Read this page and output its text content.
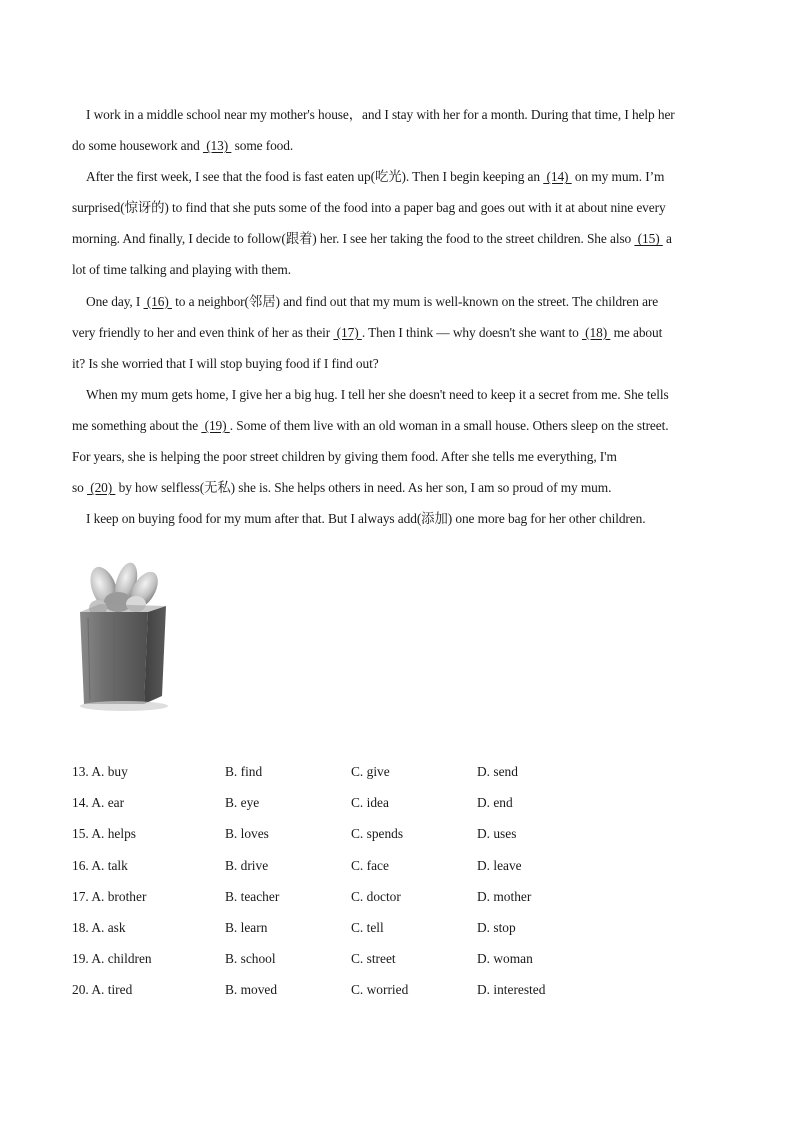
I work in a middle school near my mother's house，and I stay with her for a month. During that time, I help her
do some housework and  (13)  some food.
After the first week, I see that the food is fast eaten up(吃光). Then I begin keeping an  (14)  on my mum. I’m
surprised(惊讶的) to find that she puts some of the food into a paper bag and goes out with it at about nine every
morning. And finally, I decide to follow(跟着) her. I see her taking the food to the street children. She also  (15)  a
lot of time talking and playing with them.
One day, I  (16)  to a neighbor(邻居) and find out that my mum is well-known on the street. The children are
very friendly to her and even think of her as their  (17) . Then I think — why doesn't she want to  (18)  me about
it? Is she worried that I will stop buying food if I find out?
When my mum gets home, I give her a big hug. I tell her she doesn't need to keep it a secret from me. She tells
me something about the  (19) . Some of them live with an old woman in a small house. Others sleep on the street.
For years, she is helping the poor street children by giving them food. After she tells me everything, I'm
so  (20)  by how selfless(无私) she is. She helps others in need. As her son, I am so proud of my mum.
I keep on buying food for my mum after that. But I always add(添加) one more bag for her other children.
13. A. buy	B. find	C. give	D. send
14. A. ear	B. eye	C. idea	D. end
15. A. helps	B. loves	C. spends	D. uses
16. A. talk	B. drive	C. face	D. leave
17. A. brother	B. teacher	C. doctor	D. mother
18. A. ask	B. learn	C. tell	D. stop
19. A. children	B. school	C. street	D. woman
20. A. tired	B. moved	C. worried	D. interested
